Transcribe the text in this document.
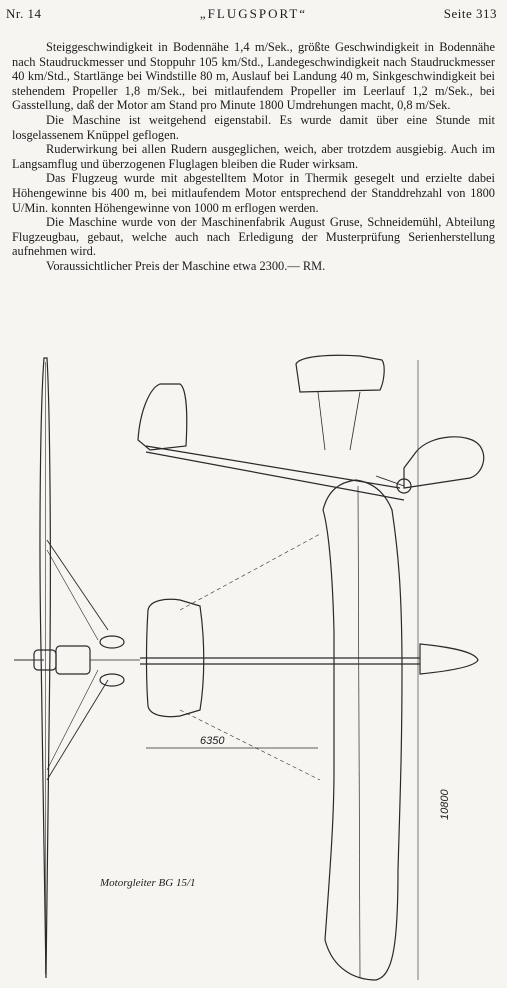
Nr. 14	„FLUGSPORT“	Seite 313

Steiggeschwindigkeit in Bodennähe 1,4 m/Sek., größte Geschwindigkeit in Bodennähe nach Staudruckmesser und Stoppuhr 105 km/Std., Landegeschwindigkeit nach Staudruckmesser 40 km/Std., Startlänge bei Windstille 80 m, Auslauf bei Landung 40 m, Sinkgeschwindigkeit bei stehendem Propeller 1,8 m/Sek., bei mitlaufendem Propeller im Leerlauf 1,2 m/Sek., bei Gasstellung, daß der Motor am Stand pro Minute 1800 Umdrehungen macht, 0,8 m/Sek.

Die Maschine ist weitgehend eigenstabil. Es wurde damit über eine Stunde mit losgelassenem Knüppel geflogen.

Ruderwirkung bei allen Rudern ausgeglichen, weich, aber trotzdem ausgiebig. Auch im Langsamflug und überzogenen Fluglagen bleiben die Ruder wirksam.

Das Flugzeug wurde mit abgestelltem Motor in Thermik gesegelt und erzielte dabei Höhengewinne bis 400 m, bei mitlaufendem Motor entsprechend der Standdrehzahl von 1800 U/Min. konnten Höhengewinne von 1000 m erflogen werden.

Die Maschine wurde von der Maschinenfabrik August Gruse, Schneidemühl, Abteilung Flugzeugbau, gebaut, welche auch nach Erledigung der Musterprüfung Serienherstellung aufnehmen wird.

Voraussichtlicher Preis der Maschine etwa 2300.— RM.

6350
10800
Motorgleiter BG 15/1
